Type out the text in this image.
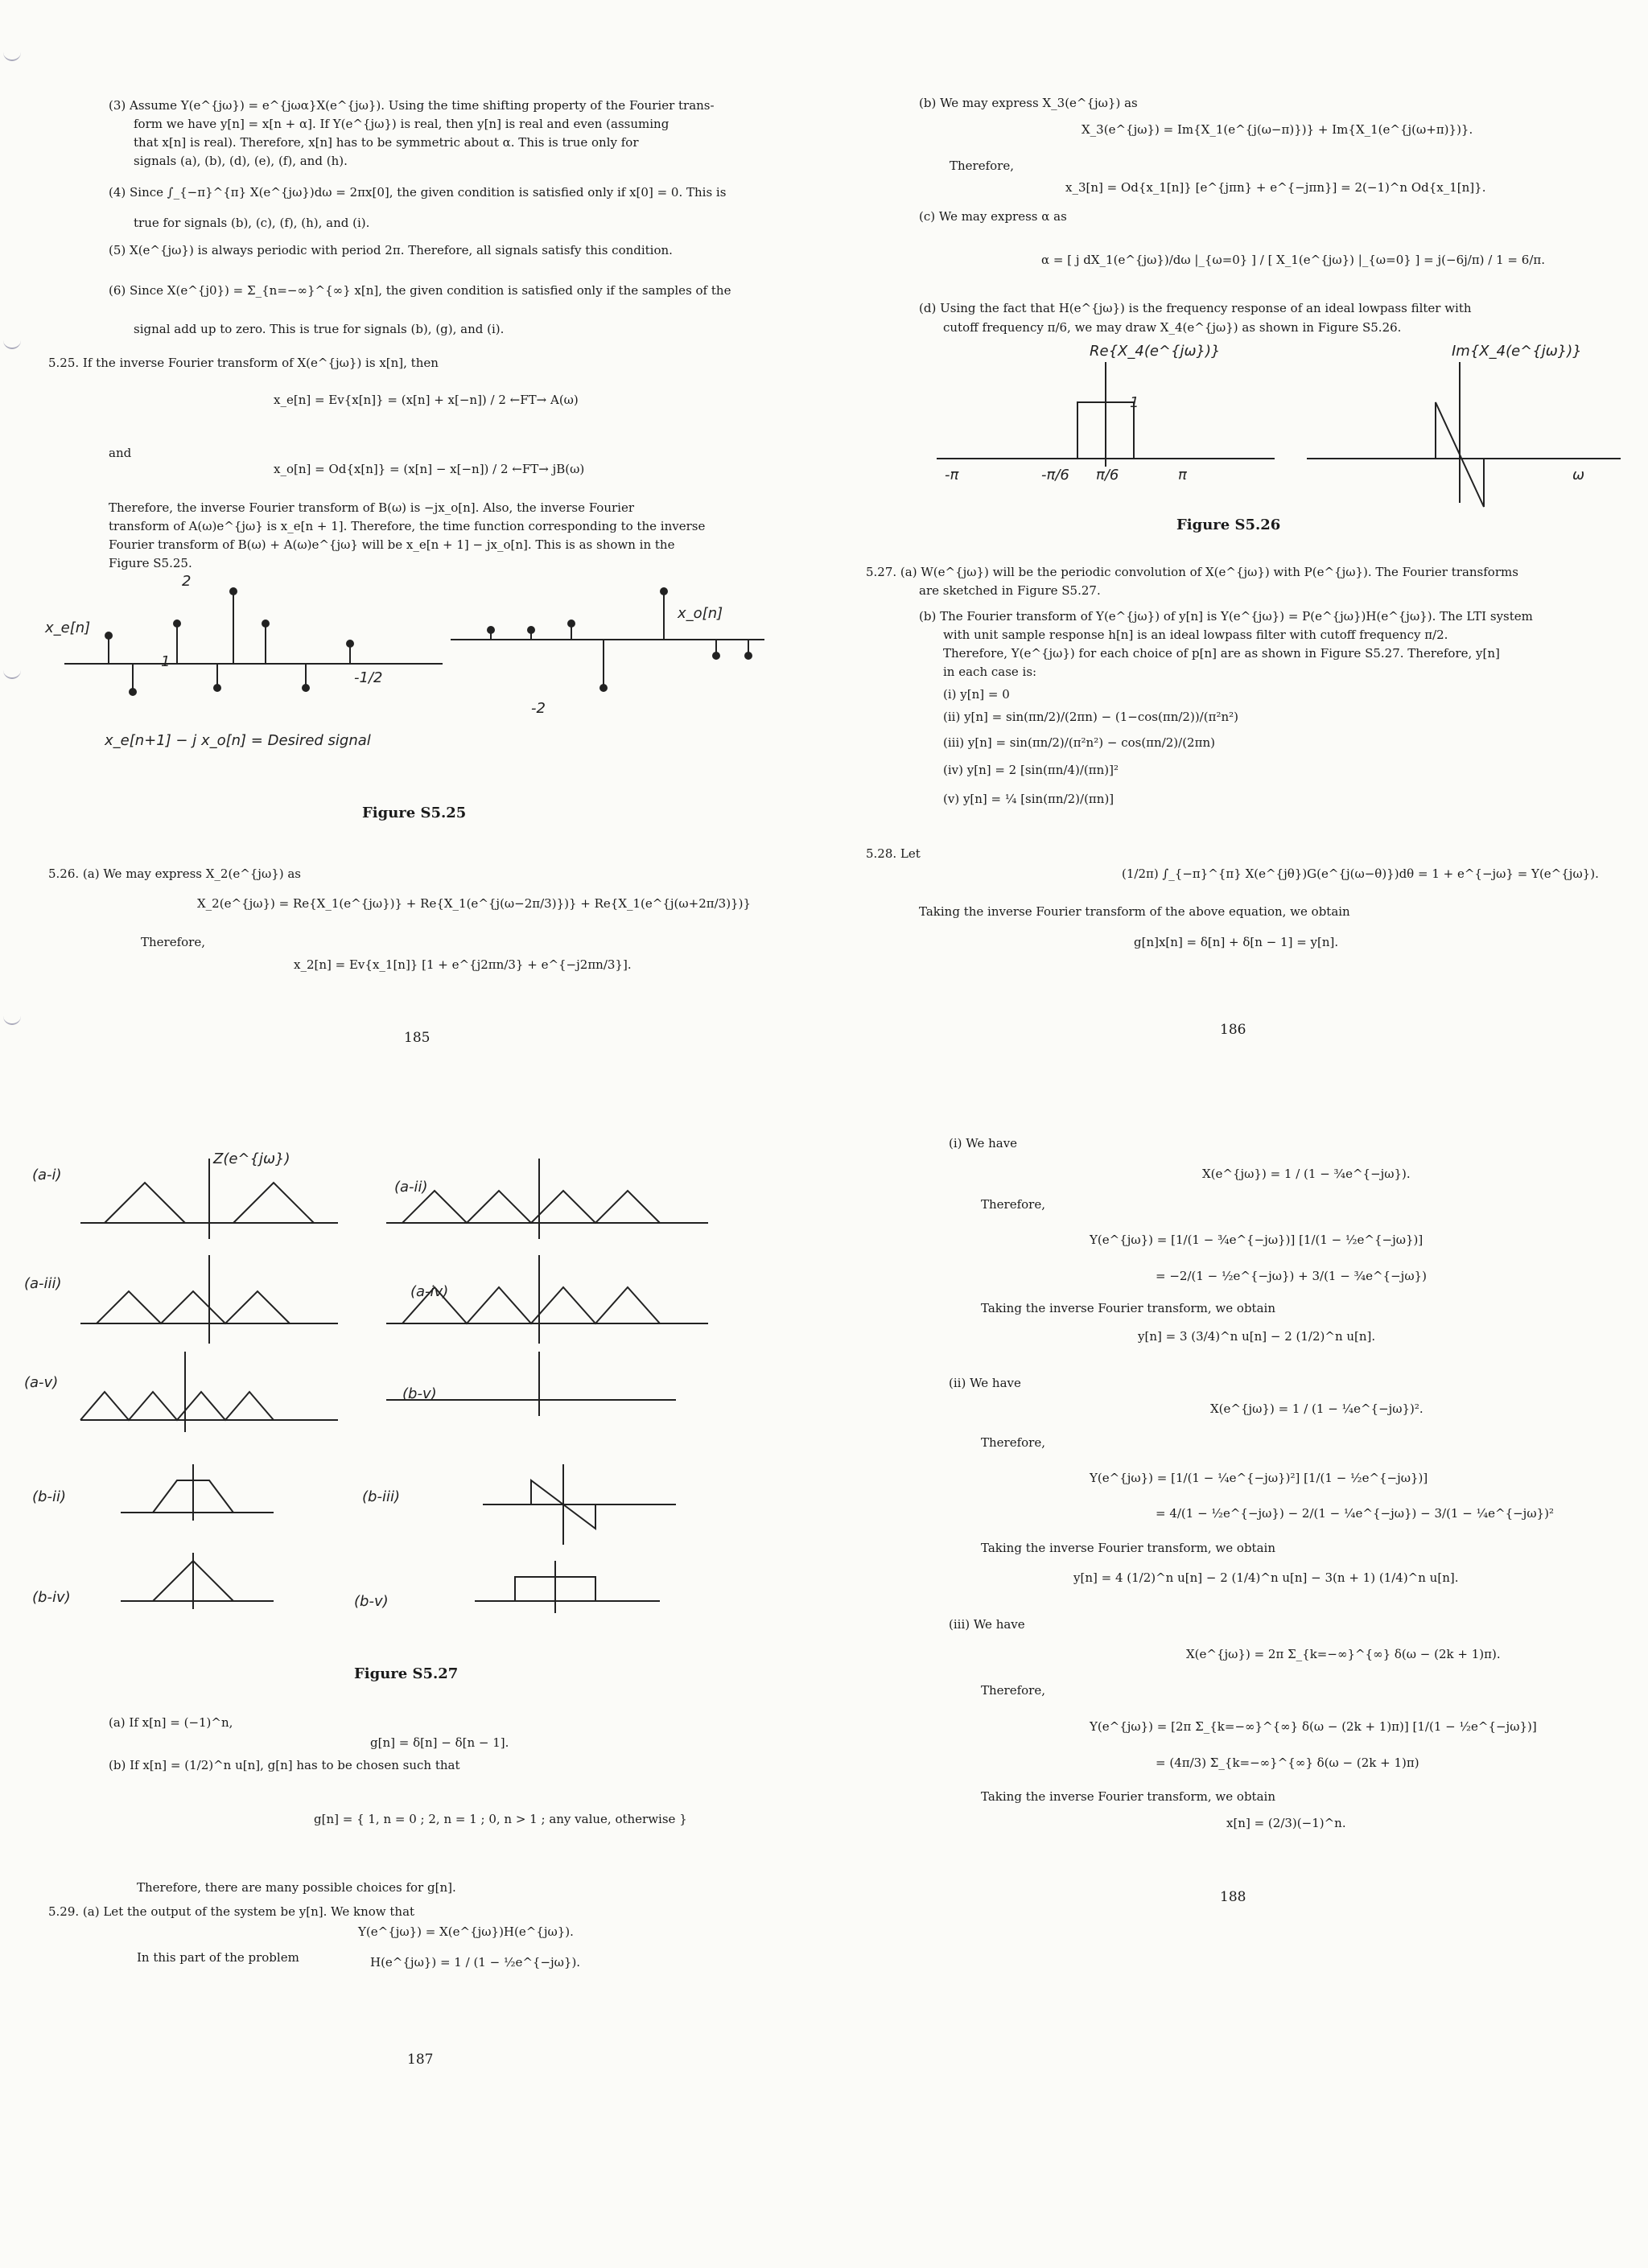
(3) Assume Y(e^{jω}) = e^{jωα}X(e^{jω}). Using the time shifting property of the Fourier trans-
form we have y[n] = x[n + α]. If Y(e^{jω}) is real, then y[n] is real and even (assuming
that x[n] is real). Therefore, x[n] has to be symmetric about α. This is true only for
signals (a), (b), (d), (e), (f), and (h).
(4) Since ∫_{−π}^{π} X(e^{jω})dω = 2πx[0], the given condition is satisfied only if x[0] = 0. This is
true for signals (b), (c), (f), (h), and (i).
(5) X(e^{jω}) is always periodic with period 2π. Therefore, all signals satisfy this condition.
(6) Since X(e^{j0}) = Σ_{n=−∞}^{∞} x[n], the given condition is satisfied only if the samples of the
signal add up to zero. This is true for signals (b), (g), and (i).
5.25. If the inverse Fourier transform of X(e^{jω}) is x[n], then
x_e[n] = Ev{x[n]} = (x[n] + x[−n]) / 2 ←FT→ A(ω)
and
x_o[n] = Od{x[n]} = (x[n] − x[−n]) / 2 ←FT→ jB(ω)
Therefore, the inverse Fourier transform of B(ω) is −jx_o[n]. Also, the inverse Fourier
transform of A(ω)e^{jω} is x_e[n + 1]. Therefore, the time function corresponding to the inverse
Fourier transform of B(ω) + A(ω)e^{jω} will be x_e[n + 1] − jx_o[n]. This is as shown in the
Figure S5.25.
x_e[n]
x_o[n]
2
1
-1/2
-2
x_e[n+1] − j x_o[n] = Desired signal
Figure S5.25
5.26. (a) We may express X_2(e^{jω}) as
X_2(e^{jω}) = Re{X_1(e^{jω})} + Re{X_1(e^{j(ω−2π/3)})} + Re{X_1(e^{j(ω+2π/3)})}
Therefore,
x_2[n] = Ev{x_1[n]} [1 + e^{j2πn/3} + e^{−j2πn/3}].
185
(b) We may express X_3(e^{jω}) as
X_3(e^{jω}) = Im{X_1(e^{j(ω−π)})} + Im{X_1(e^{j(ω+π)})}.
Therefore,
x_3[n] = Od{x_1[n]} [e^{jπn} + e^{−jπn}] = 2(−1)^n Od{x_1[n]}.
(c) We may express α as
α = [ j dX_1(e^{jω})/dω |_{ω=0} ] / [ X_1(e^{jω}) |_{ω=0} ] = j(−6j/π) / 1 = 6/π.
(d) Using the fact that H(e^{jω}) is the frequency response of an ideal lowpass filter with
cutoff frequency π/6, we may draw X_4(e^{jω}) as shown in Figure S5.26.
Re{X_4(e^{jω})}	Im{X_4(e^{jω})}
-π	-π/6 π/6	π
1
ω
Figure S5.26
5.27. (a) W(e^{jω}) will be the periodic convolution of X(e^{jω}) with P(e^{jω}). The Fourier transforms
are sketched in Figure S5.27.
(b) The Fourier transform of Y(e^{jω}) of y[n] is Y(e^{jω}) = P(e^{jω})H(e^{jω}). The LTI system
with unit sample response h[n] is an ideal lowpass filter with cutoff frequency π/2.
Therefore, Y(e^{jω}) for each choice of p[n] are as shown in Figure S5.27. Therefore, y[n]
in each case is:
(i) y[n] = 0
(ii) y[n] = sin(πn/2)/(2πn) − (1−cos(πn/2))/(π²n²)
(iii) y[n] = sin(πn/2)/(π²n²) − cos(πn/2)/(2πn)
(iv) y[n] = 2 [sin(πn/4)/(πn)]²
(v) y[n] = ¼ [sin(πn/2)/(πn)]
5.28. Let
(1/2π) ∫_{−π}^{π} X(e^{jθ})G(e^{j(ω−θ)})dθ = 1 + e^{−jω} = Y(e^{jω}).
Taking the inverse Fourier transform of the above equation, we obtain
g[n]x[n] = δ[n] + δ[n − 1] = y[n].
186
(a-i)
(a-ii)
(a-iii)	(a-iv)
(a-v)
(b-v)
(b-ii)	(b-iii)
(b-iv)	(b-v)
Z(e^{jω})
Figure S5.27
(a) If x[n] = (−1)^n,
g[n] = δ[n] − δ[n − 1].
(b) If x[n] = (1/2)^n u[n], g[n] has to be chosen such that
g[n] = { 1, n = 0 ; 2, n = 1 ; 0, n > 1 ; any value, otherwise }
Therefore, there are many possible choices for g[n].
5.29. (a) Let the output of the system be y[n]. We know that
Y(e^{jω}) = X(e^{jω})H(e^{jω}).
In this part of the problem	H(e^{jω}) = 1 / (1 − ½e^{−jω}).
187
(i) We have
X(e^{jω}) = 1 / (1 − ¾e^{−jω}).
Therefore,
Y(e^{jω}) = [1/(1 − ¾e^{−jω})] [1/(1 − ½e^{−jω})]
= −2/(1 − ½e^{−jω}) + 3/(1 − ¾e^{−jω})
Taking the inverse Fourier transform, we obtain
y[n] = 3 (3/4)^n u[n] − 2 (1/2)^n u[n].
(ii) We have
X(e^{jω}) = 1 / (1 − ¼e^{−jω})².
Therefore,
Y(e^{jω}) = [1/(1 − ¼e^{−jω})²] [1/(1 − ½e^{−jω})]
= 4/(1 − ½e^{−jω}) − 2/(1 − ¼e^{−jω}) − 3/(1 − ¼e^{−jω})²
Taking the inverse Fourier transform, we obtain
y[n] = 4 (1/2)^n u[n] − 2 (1/4)^n u[n] − 3(n + 1) (1/4)^n u[n].
(iii) We have
X(e^{jω}) = 2π Σ_{k=−∞}^{∞} δ(ω − (2k + 1)π).
Therefore,
Y(e^{jω}) = [2π Σ_{k=−∞}^{∞} δ(ω − (2k + 1)π)] [1/(1 − ½e^{−jω})]
= (4π/3) Σ_{k=−∞}^{∞} δ(ω − (2k + 1)π)
Taking the inverse Fourier transform, we obtain
x[n] = (2/3)(−1)^n.
188
